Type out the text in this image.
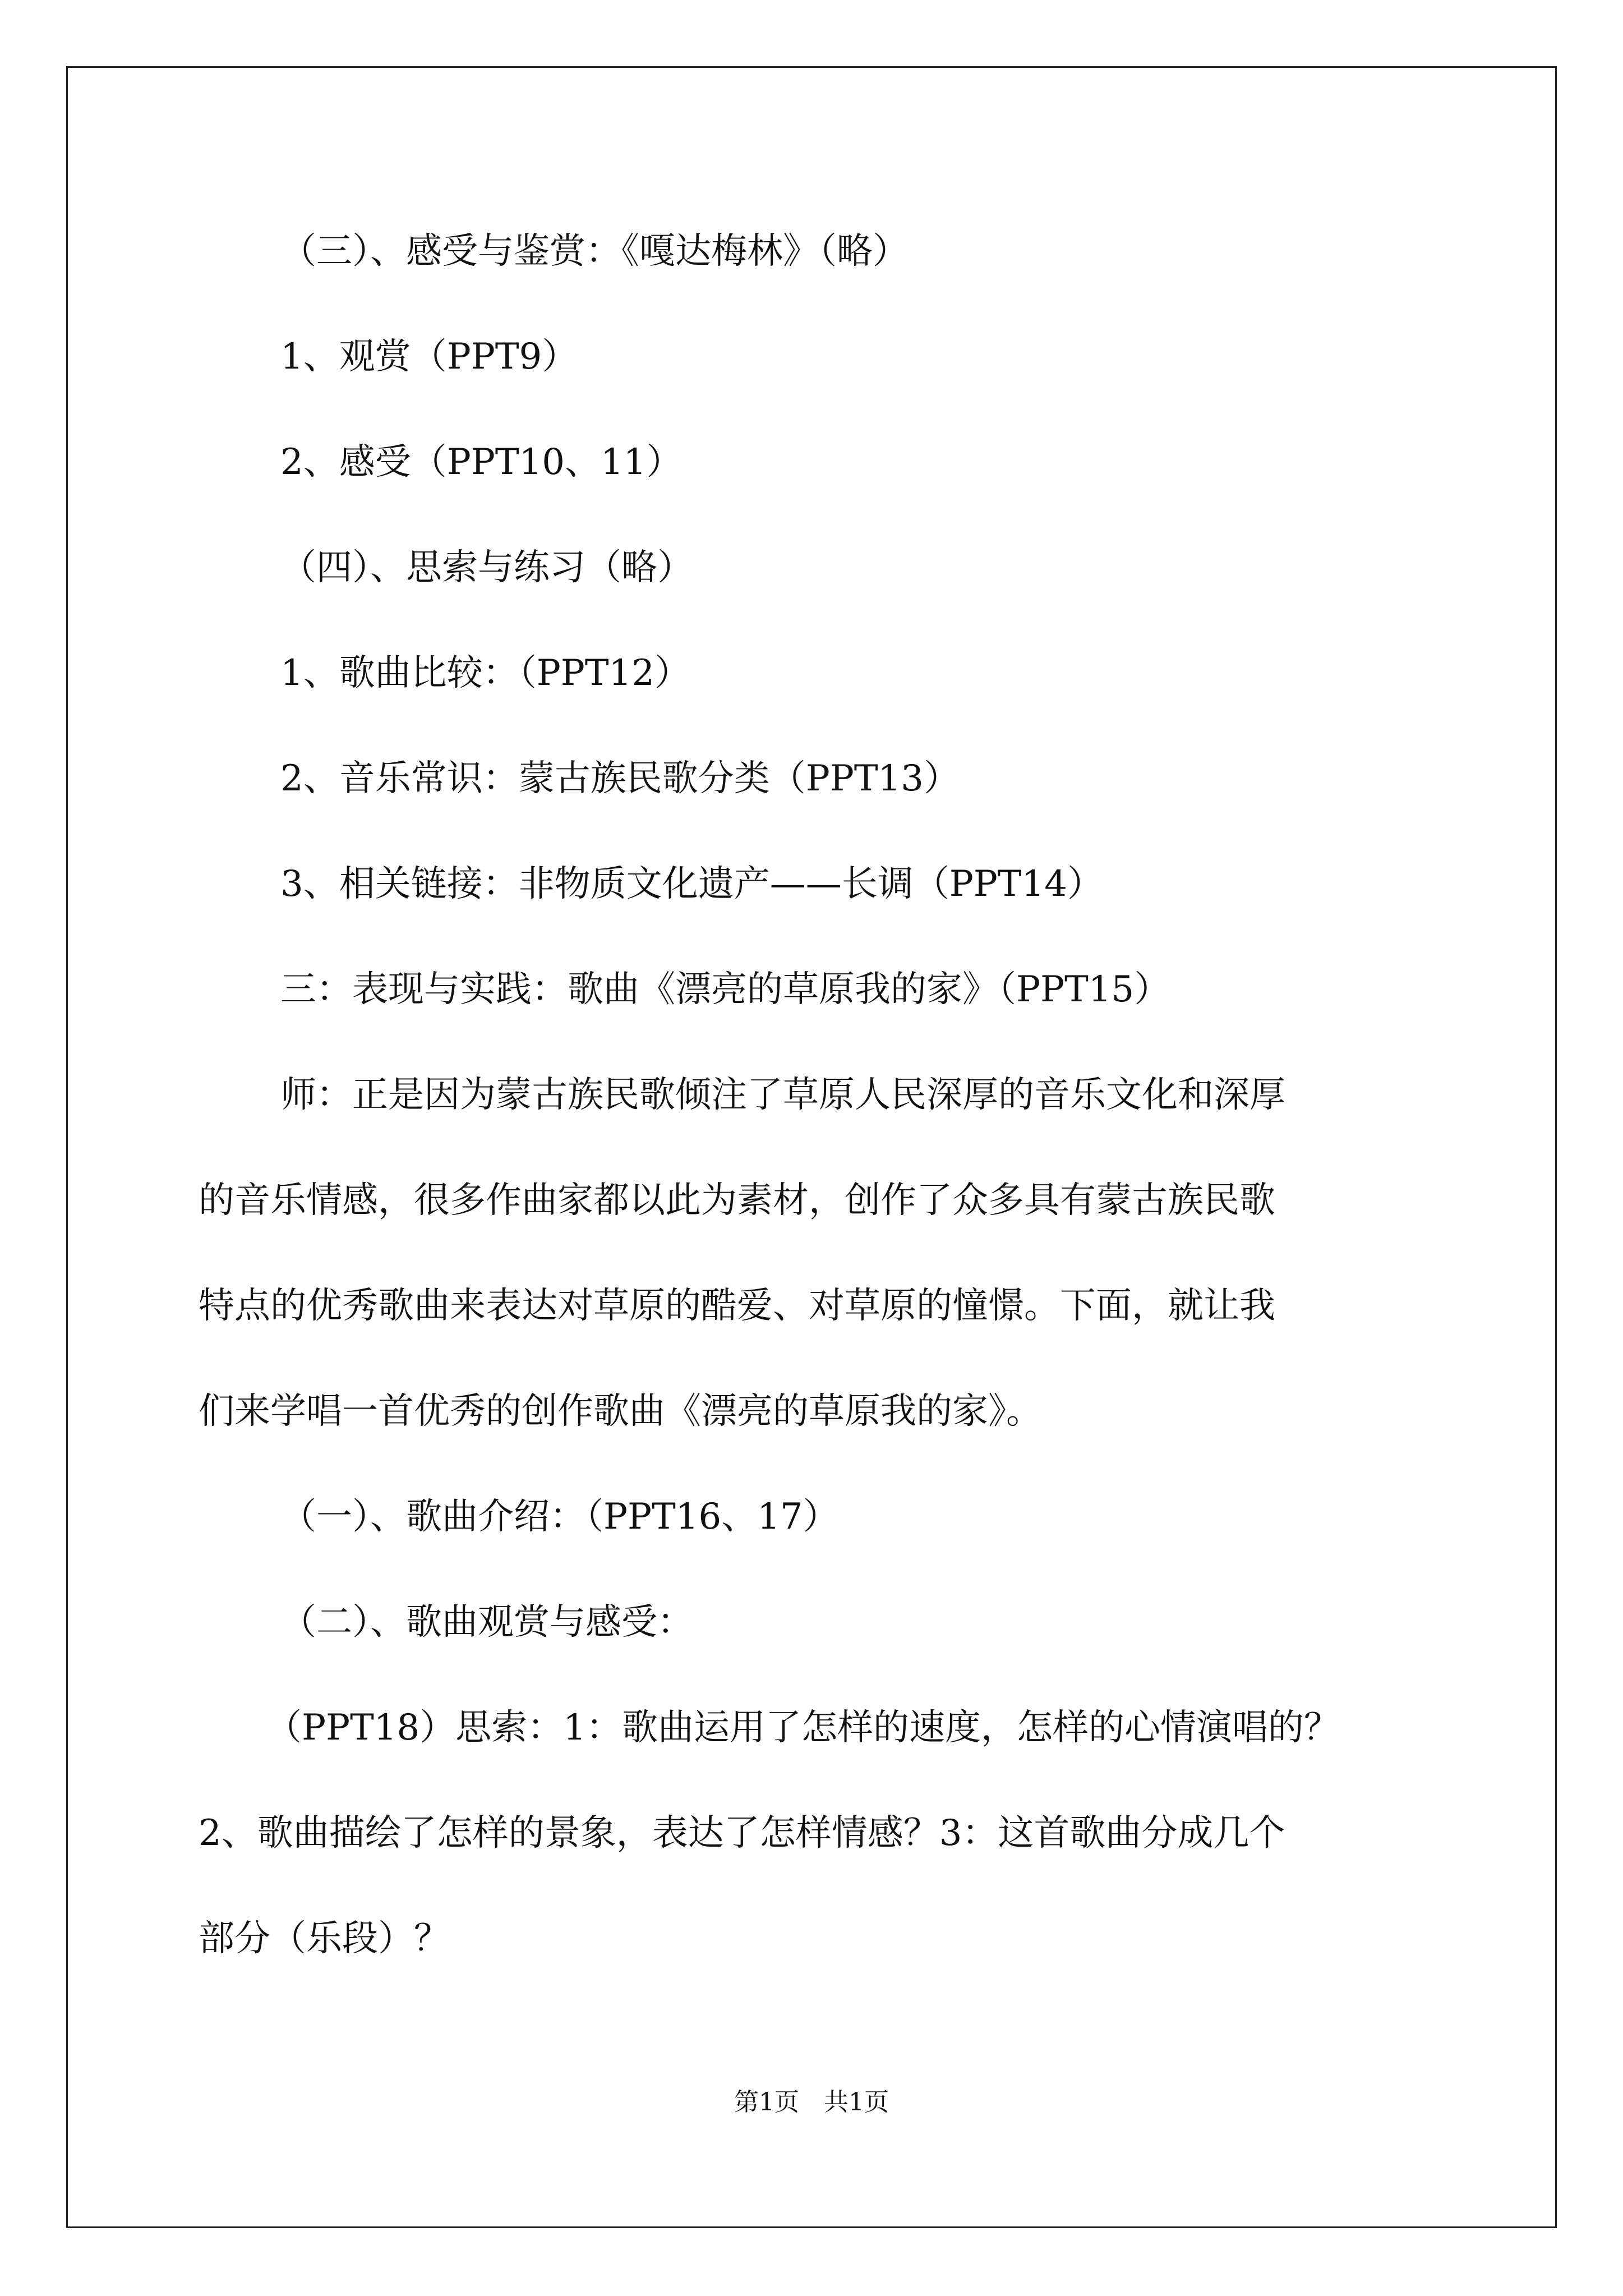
（三）、感受与鉴赏：《嘎达梅林》（略）

1、观赏（PPT9）

2、感受（PPT10、11）

（四）、思索与练习（略）

1、歌曲比较：（PPT12）

2、音乐常识：蒙古族民歌分类（PPT13）

3、相关链接：非物质文化遗产——长调（PPT14）

三：表现与实践：歌曲《漂亮的草原我的家》（PPT15）

师：正是因为蒙古族民歌倾注了草原人民深厚的音乐文化和深厚

的音乐情感，很多作曲家都以此为素材，创作了众多具有蒙古族民歌

特点的优秀歌曲来表达对草原的酷爱、对草原的憧憬。下面，就让我

们来学唱一首优秀的创作歌曲《漂亮的草原我的家》。

（一）、歌曲介绍：（PPT16、17）

（二）、歌曲观赏与感受：

（PPT18）思索：1：歌曲运用了怎样的速度，怎样的心情演唱的？

2、歌曲描绘了怎样的景象，表达了怎样情感？3：这首歌曲分成几个

部分（乐段）？

第1页　共1页
